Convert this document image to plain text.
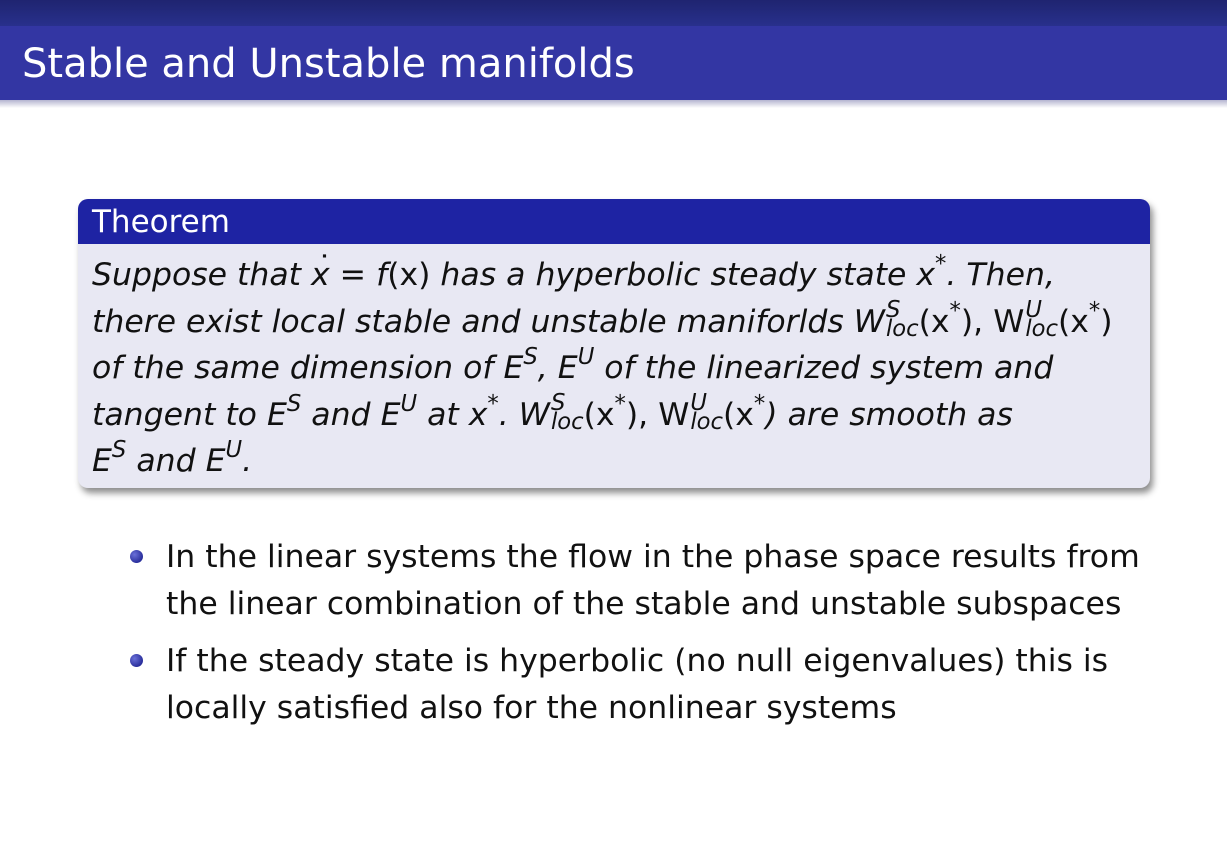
Stable and Unstable manifolds
Theorem
Suppose that x ˙ = f(x) has a hyperbolic steady state x*. Then,
there exist local stable and unstable maniforlds W S
loc (x*), W U
loc (x*)
of the same dimension of $E^S$, $E^U$ of the linearized system and
tangent to $E^S$ and $E^U$ at x*. W S
loc (x*), W U
loc (x*) are smooth as
$E^S$ and $E^U$.
In the linear systems the flow in the phase space results from
the linear combination of the stable and unstable subspaces
If the steady state is hyperbolic (no null eigenvalues) this is
locally satisfied also for the nonlinear systems
